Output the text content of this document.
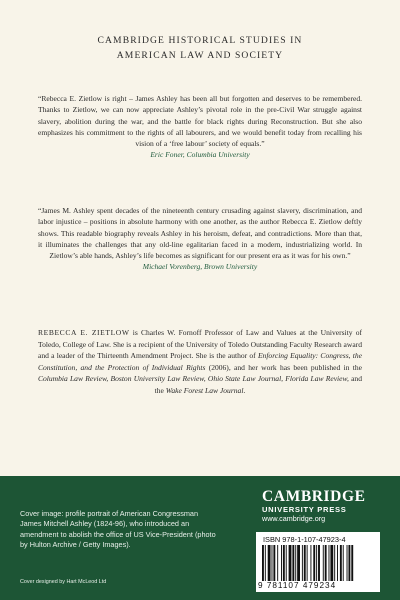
CAMBRIDGE HISTORICAL STUDIES IN
AMERICAN LAW AND SOCIETY

“Rebecca E. Zietlow is right – James Ashley has been all but forgotten and deserves to be remembered. Thanks to Zietlow, we can now appreciate Ashley’s pivotal role in the pre-Civil War struggle against slavery, abolition during the war, and the battle for black rights during Reconstruction. But she also emphasizes his commitment to the rights of all labourers, and we would benefit today from recalling his vision of a ‘free labour’ society of equals.”

Eric Foner, Columbia University

“James M. Ashley spent decades of the nineteenth century crusading against slavery, discrimination, and labor injustice – positions in absolute harmony with one another, as the author Rebecca E. Zietlow deftly shows. This readable biography reveals Ashley in his heroism, defeat, and contradictions. More than that, it illuminates the challenges that any old-line egalitarian faced in a modern, industrializing world. In Zietlow’s able hands, Ashley’s life becomes as significant for our present era as it was for his own.”

Michael Vorenberg, Brown University

REBECCA E. ZIETLOW is Charles W. Fornoff Professor of Law and Values at the University of Toledo, College of Law. She is a recipient of the University of Toledo Outstanding Faculty Research award and a leader of the Thirteenth Amendment Project. She is the author of Enforcing Equality: Congress, the Constitution, and the Protection of Individual Rights (2006), and her work has been published in the Columbia Law Review, Boston University Law Review, Ohio State Law Journal, Florida Law Review, and the Wake Forest Law Journal.
Cover image: profile portrait of American Congressman James Mitchell Ashley (1824-96), who introduced an amendment to abolish the office of US Vice-President (photo by Hulton Archive / Getty Images).
Cover designed by Hart McLeod Ltd
CAMBRIDGE
UNIVERSITY PRESS
www.cambridge.org
ISBN 978-1-107-47923-4
9 781107 479234
